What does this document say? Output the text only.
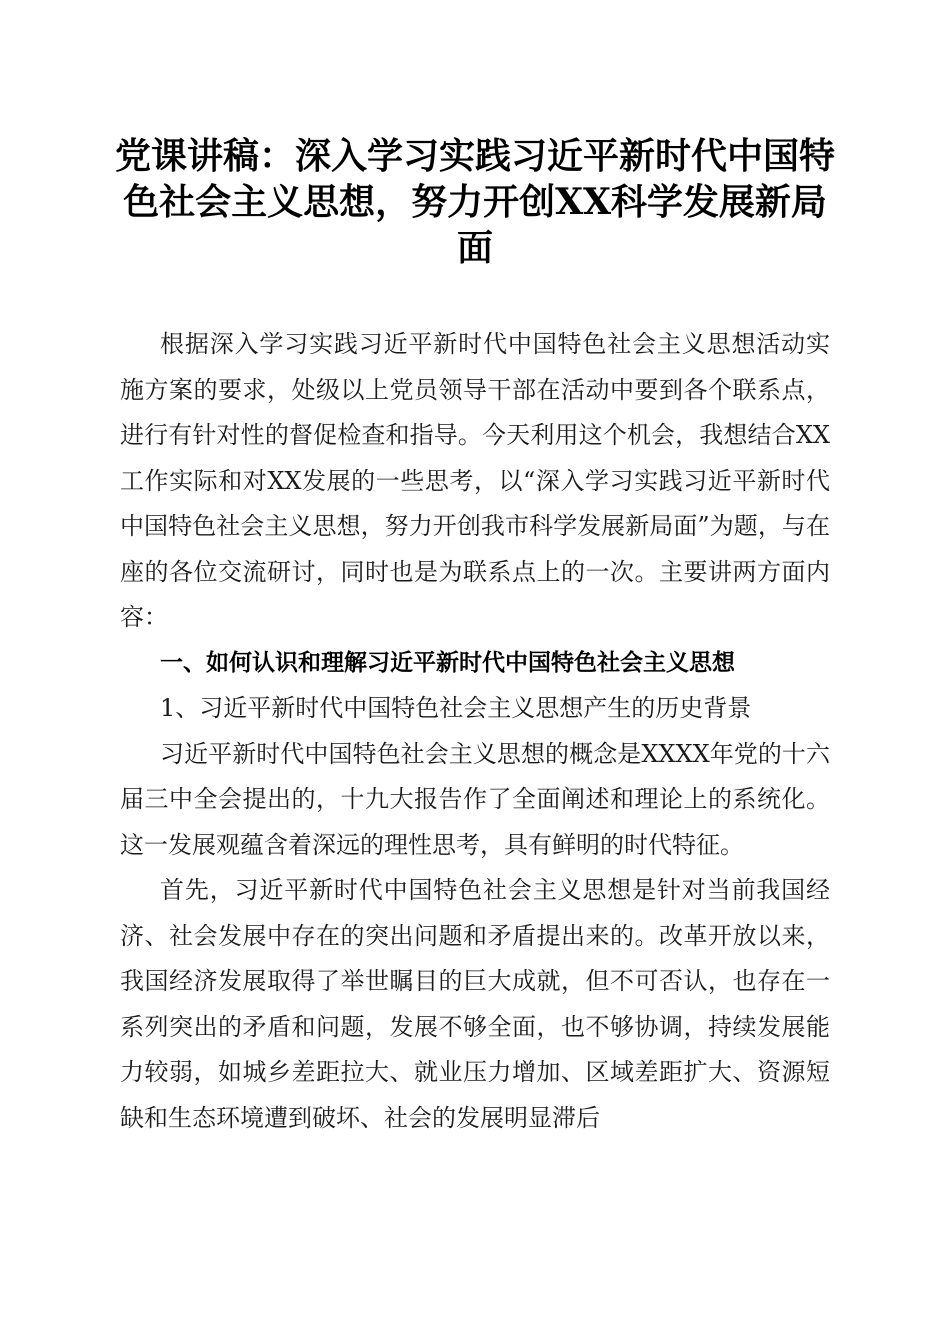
党课讲稿：深入学习实践习近平新时代中国特色社会主义思想，努力开创XX科学发展新局面

根据深入学习实践习近平新时代中国特色社会主义思想活动实施方案的要求，处级以上党员领导干部在活动中要到各个联系点，进行有针对性的督促检查和指导。今天利用这个机会，我想结合XX工作实际和对XX发展的一些思考，以“深入学习实践习近平新时代中国特色社会主义思想，努力开创我市科学发展新局面”为题，与在座的各位交流研讨，同时也是为联系点上的一次。主要讲两方面内容：

一、如何认识和理解习近平新时代中国特色社会主义思想

1、习近平新时代中国特色社会主义思想产生的历史背景

习近平新时代中国特色社会主义思想的概念是XXXX年党的十六届三中全会提出的，十九大报告作了全面阐述和理论上的系统化。这一发展观蕴含着深远的理性思考，具有鲜明的时代特征。

首先，习近平新时代中国特色社会主义思想是针对当前我国经济、社会发展中存在的突出问题和矛盾提出来的。改革开放以来，我国经济发展取得了举世瞩目的巨大成就，但不可否认，也存在一系列突出的矛盾和问题，发展不够全面，也不够协调，持续发展能力较弱，如城乡差距拉大、就业压力增加、区域差距扩大、资源短缺和生态环境遭到破坏、社会的发展明显滞后
